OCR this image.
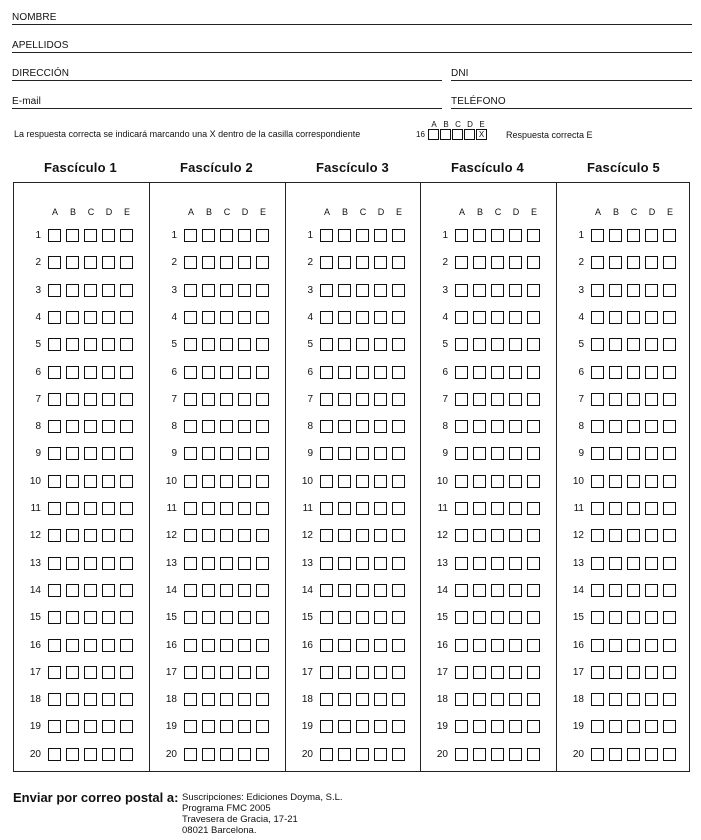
NOMBRE
APELLIDOS
DIRECCIÓN	DNI
E-mail	TELÉFONO
La respuesta correcta se indicará marcando una X dentro de la casilla correspondiente
A B C D E
16	X	Respuesta correcta E
Fascículo 1	Fascículo 2	Fascículo 3	Fascículo 4	Fascículo 5
A B C D E
1
2
3
4
5
6
7
8
9
10
11
12
13
14
15
16
17
18
19
20
A B C D E
1
2
3
4
5
6
7
8
9
10
11
12
13
14
15
16
17
18
19
20
A B C D E
1
2
3
4
5
6
7
8
9
10
11
12
13
14
15
16
17
18
19
20
A B C D E
1
2
3
4
5
6
7
8
9
10
11
12
13
14
15
16
17
18
19
20
A B C D E
1
2
3
4
5
6
7
8
9
10
11
12
13
14
15
16
17
18
19
20
Enviar por correo postal a: Suscripciones: Ediciones Doyma, S.L.
Programa FMC 2005
Travesera de Gracia, 17-21
08021 Barcelona.
